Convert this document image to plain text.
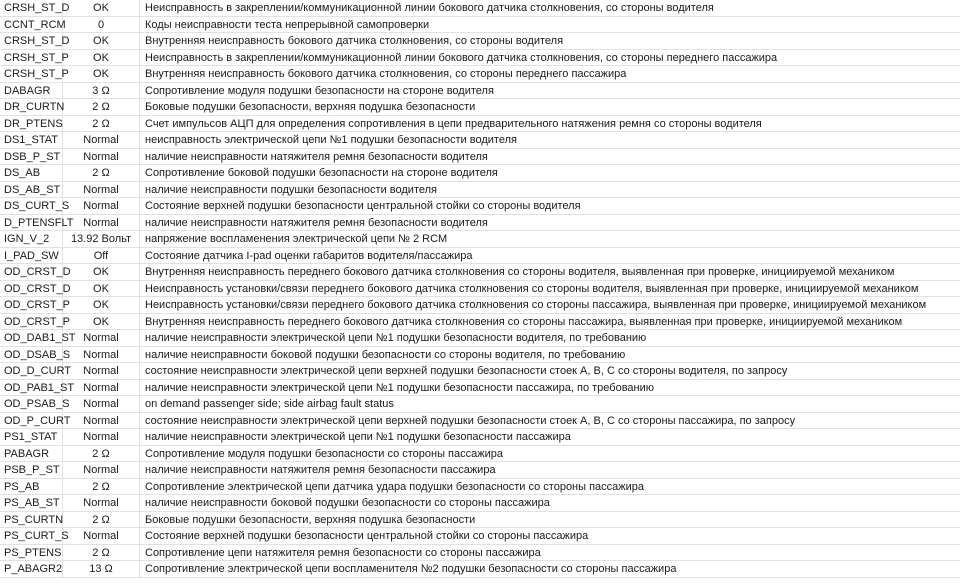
CRSH_ST_D	OK	Неисправность в закреплении/коммуникационной линии бокового датчика столкновения, со стороны водителя
CCNT_RCM	0	Коды неисправности теста непрерывной самопроверки
CRSH_ST_D	OK	Внутренняя неисправность бокового датчика столкновения, со стороны водителя
CRSH_ST_P	OK	Неисправность в закреплении/коммуникационной линии бокового датчика столкновения, со стороны переднего пассажира
CRSH_ST_P	OK	Внутренняя неисправность бокового датчика столкновения, со стороны переднего пассажира
DABAGR	3 Ω	Сопротивление модуля подушки безопасности на стороне водителя
DR_CURTN	2 Ω	Боковые подушки безопасности, верхняя подушка безопасности
DR_PTENS	2 Ω	Счет импульсов АЦП для определения сопротивления в цепи предварительного натяжения ремня со стороны водителя
DS1_STAT	Normal	неисправность электрической цепи №1 подушки безопасности водителя
DSB_P_ST	Normal	наличие неисправности натяжителя ремня безопасности водителя
DS_AB	2 Ω	Сопротивление боковой подушки безопасности на стороне водителя
DS_AB_ST	Normal	наличие неисправности подушки безопасности водителя
DS_CURT_S	Normal	Состояние верхней подушки безопасности центральной стойки со стороны водителя
D_PTENSFLT Normal	наличие неисправности натяжителя ремня безопасности водителя
IGN_V_2	13.92 Вольт	напряжение воспламенения электрической цепи № 2 RCM
I_PAD_SW	Off	Состояние датчика I-pad оценки габаритов водителя/пассажира
OD_CRST_D	OK	Внутренняя неисправность переднего бокового датчика столкновения со стороны водителя, выявленная при проверке, инициируемой механиком
OD_CRST_D	OK	Неисправность установки/связи переднего бокового датчика столкновения со стороны водителя, выявленная при проверке, инициируемой механиком
OD_CRST_P	OK	Неисправность установки/связи переднего бокового датчика столкновения со стороны пассажира, выявленная при проверке, инициируемой механиком
OD_CRST_P	OK	Внутренняя неисправность переднего бокового датчика столкновения со стороны пассажира, выявленная при проверке, инициируемой механиком
OD_DAB1_ST Normal	наличие неисправности электрической цепи №1 подушки безопасности водителя, по требованию
OD_DSAB_S	Normal	наличие неисправности боковой подушки безопасности со стороны водителя, по требованию
OD_D_CURT	Normal	состояние неисправности электрической цепи верхней подушки безопасности стоек A, B, C со стороны водителя, по запросу
OD_PAB1_ST Normal	наличие неисправности электрической цепи №1 подушки безопасности пассажира, по требованию
OD_PSAB_S	Normal	on demand passenger side; side airbag fault status
OD_P_CURT	Normal	состояние неисправности электрической цепи верхней подушки безопасности стоек A, B, C со стороны пассажира, по запросу
PS1_STAT	Normal	наличие неисправности электрической цепи №1 подушки безопасности пассажира
PABAGR	2 Ω	Сопротивление модуля подушки безопасности со стороны пассажира
PSB_P_ST	Normal	наличие неисправности натяжителя ремня безопасности пассажира
PS_AB	2 Ω	Сопротивление электрической цепи датчика удара подушки безопасности со стороны пассажира
PS_AB_ST	Normal	наличие неисправности боковой подушки безопасности со стороны пассажира
PS_CURTN	2 Ω	Боковые подушки безопасности, верхняя подушка безопасности
PS_CURT_S	Normal	Состояние верхней подушки безопасности центральной стойки со стороны пассажира
PS_PTENS	2 Ω	Сопротивление цепи натяжителя ремня безопасности со стороны пассажира
P_ABAGR2	13 Ω	Сопротивление электрической цепи воспламенителя №2 подушки безопасности со стороны пассажира
